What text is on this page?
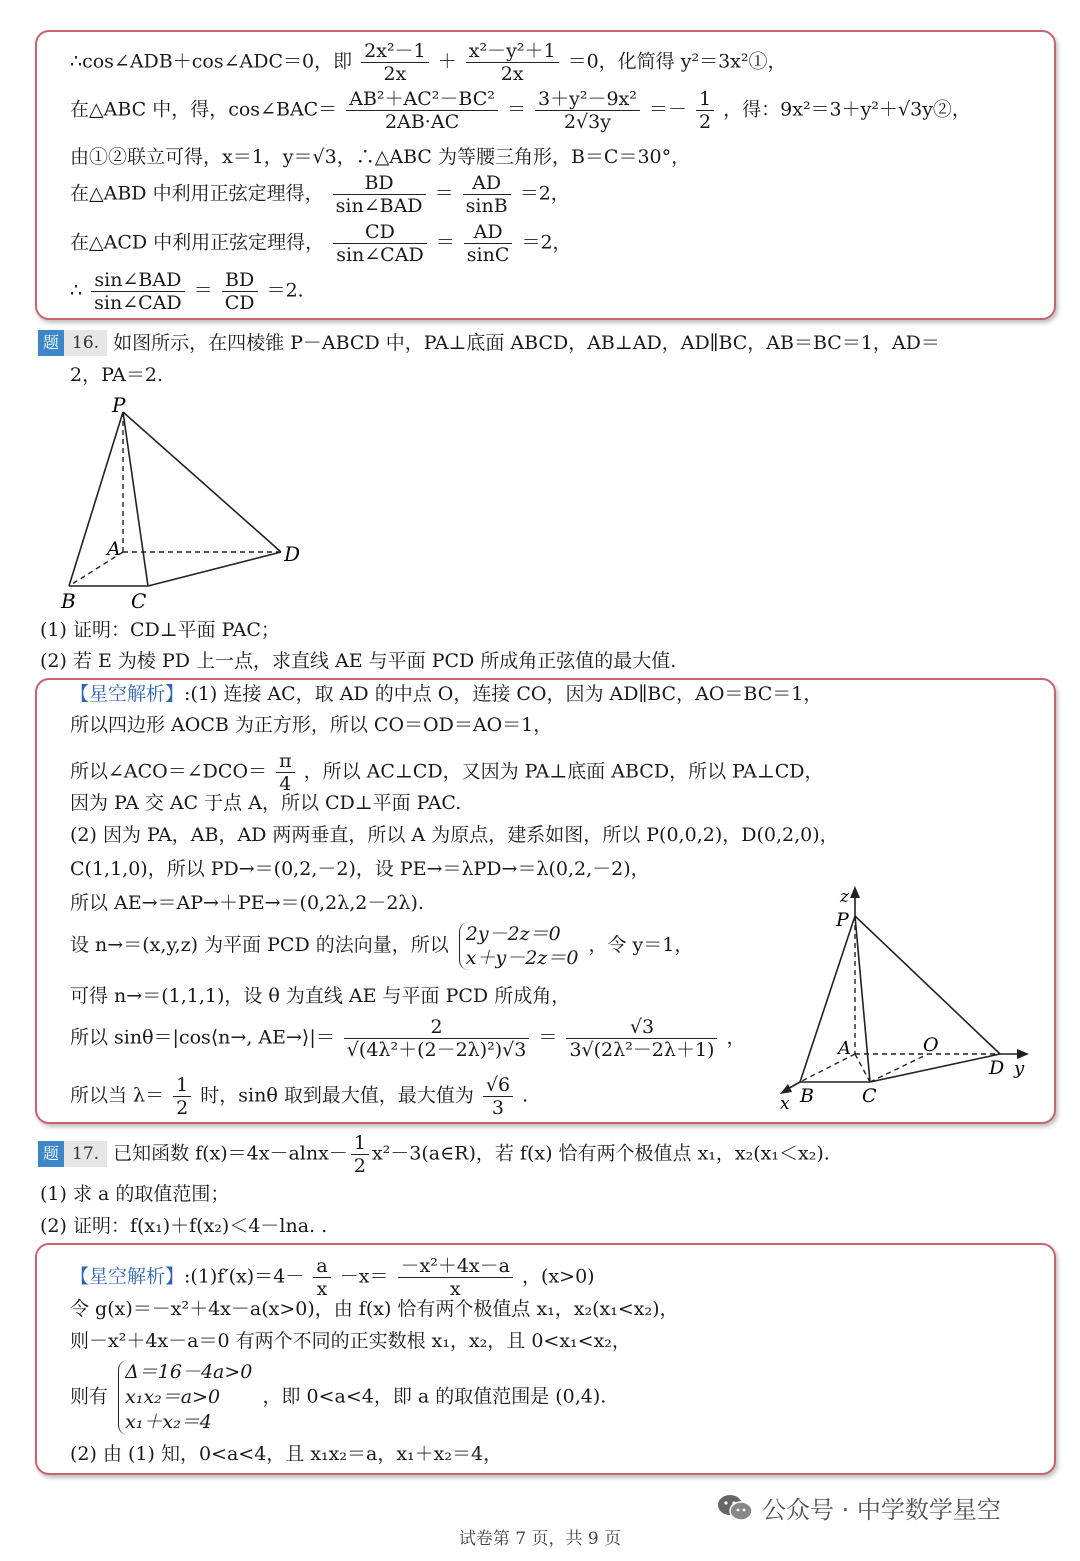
∴cos∠ADB＋cos∠ADC＝0，即 $\frac{\text{2x²－1}}{2x} + \frac{\text{x²－y²＋1}}{2x} =0$，化简得 y²＝3x²①，
在△ABC 中，得，cos∠BAC＝ $\frac{\text{AB²＋AC²－BC²}}{2AB\cdot AC} = \frac{\text{3＋y²－9x²}}{2√3y} =- \frac{1}{2}$ ，得：9x²＝3＋y²＋√3y②，
由①②联立可得，x＝1，y＝√3，∴△ABC 为等腰三角形，B＝C＝30°，
在△ABD 中利用正弦定理得， $\frac{BD}{\text{sin∠BAD}} = \frac{AD}{\sin B} =2$，
在△ACD 中利用正弦定理得， $\frac{CD}{\text{sin∠CAD}} = \frac{AD}{\sin C} =2$，
∴ $\frac{\text{sin∠BAD}}{\text{sin∠CAD}} = \frac{BD}{CD} =2$.
题 16. 如图所示，在四棱锥 P－ABCD 中，PA⊥底面 ABCD，AB⊥AD，AD∥BC，AB＝BC＝1，AD＝
2，PA＝2.
P
A	D
B	C
(1) 证明：CD⊥平面 PAC；
(2) 若 E 为棱 PD 上一点，求直线 AE 与平面 PCD 所成角正弦值的最大值.
【星空解析】:(1) 连接 AC，取 AD 的中点 O，连接 CO，因为 AD∥BC，AO＝BC＝1，
所以四边形 AOCB 为正方形，所以 CO＝OD＝AO＝1，
所以∠ACO＝∠DCO＝ $\frac{\pi}{4}$ ，所以 AC⊥CD，又因为 PA⊥底面 ABCD，所以 PA⊥CD，
因为 PA 交 AC 于点 A，所以 CD⊥平面 PAC.
(2) 因为 PA，AB，AD 两两垂直，所以 A 为原点，建系如图，所以 P(0,0,2)，D(0,2,0)，
C(1,1,0)，所以 PD→＝(0,2,－2)，设 PE→＝λPD→＝λ(0,2,－2)，
所以 AE→＝AP→＋PE→＝(0,2λ,2－2λ).
设 n→＝(x,y,z) 为平面 PCD 的法向量，所以 2y－2z＝0
x＋y－2z＝0 ，令 y＝1，
可得 n→＝(1,1,1)，设 θ 为直线 AE 与平面 PCD 所成角，
所以 sinθ＝|cos⟨n→, AE→⟩|＝ $\frac{2}{\text{√(4λ²＋(2－2λ)²)√3}} = \frac{√3}{\text{3√(2λ²－2λ＋1)}}$ ，
所以当 $\lambda= \frac{1}{2}$ 时，sinθ 取到最大值，最大值为 $\frac{√6}{3}$ .
z
P
A	O
D y
x B	C
题 17. 已知函数 $f(x)=4x-alnx- \frac{1}{2}$ x²－3(a∈R)，若 f(x) 恰有两个极值点 x₁，x₂(x₁＜x₂).
(1) 求 a 的取值范围；
(2) 证明：f(x₁)＋f(x₂)＜4－lna. .
【星空解析】:(1)f′(x)＝4－ $\frac{a}{x} -x= \frac{\text{－x²＋4x－a}}{x}$ ，(x>0)
令 g(x)＝－x²＋4x－a(x>0)，由 f(x) 恰有两个极值点 x₁，x₂(x₁<x₂)，
则－x²＋4x－a＝0 有两个不同的正实数根 x₁，x₂，且 0<x₁<x₂，
则有 Δ＝16－4a>0
x₁x₂＝a>0
x₁＋x₂＝4 ，即 0<a<4，即 a 的取值范围是 (0,4).
(2) 由 (1) 知，0<a<4，且 x₁x₂＝a，x₁＋x₂＝4，
公众号 · 中学数学星空
试卷第 7 页，共 9 页
